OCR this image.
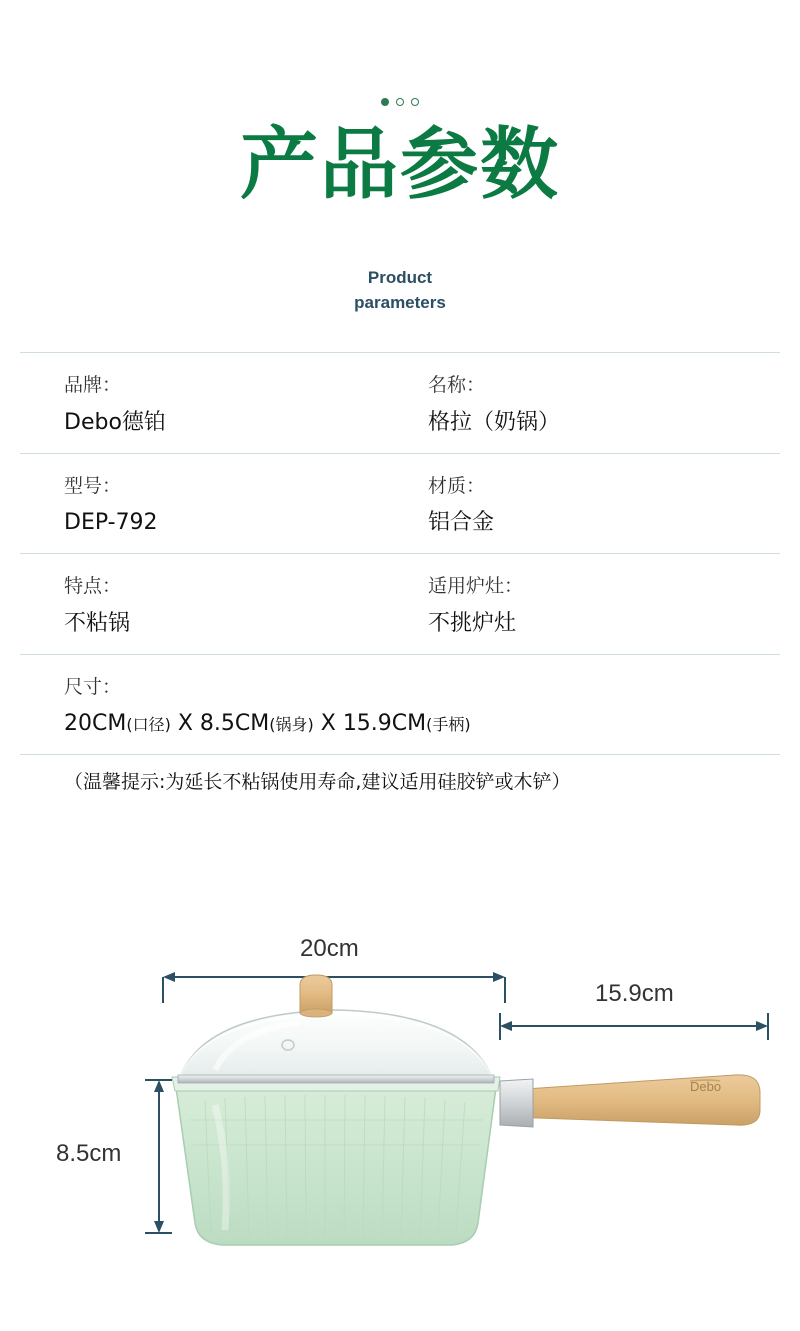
产品参数
Product
parameters
品牌：
Debo德铂
名称：
格拉（奶锅）
型号：
DEP-792
材质：
铝合金
特点：
不粘锅
适用炉灶：
不挑炉灶
尺寸：
20CM(口径) X 8.5CM(锅身) X 15.9CM(手柄)
（温馨提示:为延长不粘锅使用寿命,建议适用硅胶铲或木铲）
20cm
15.9cm
8.5cm
Debo
